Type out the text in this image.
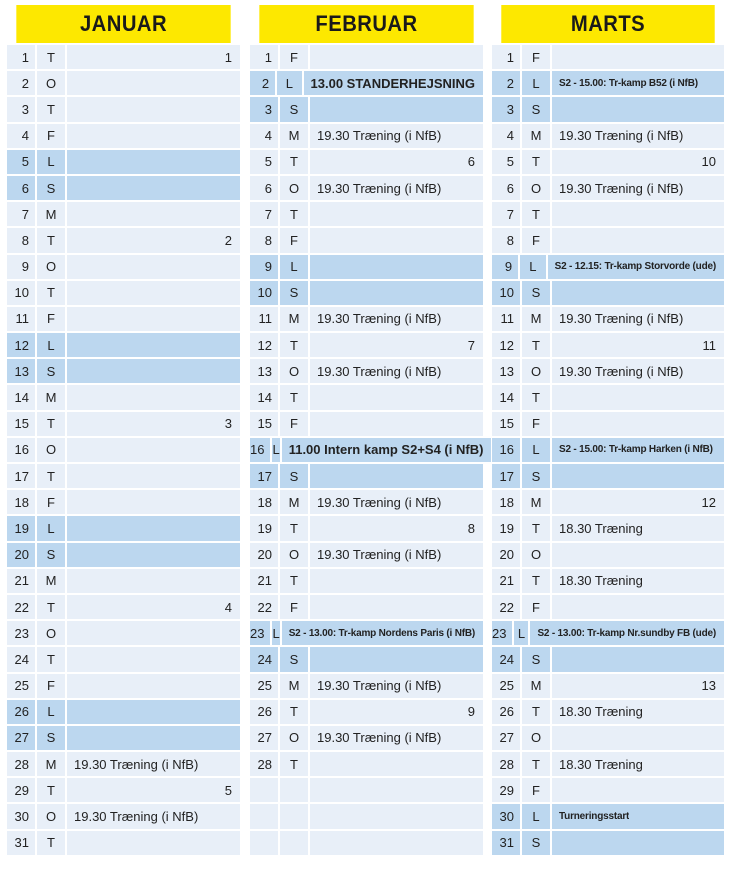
JANUAR
1	T	1
2	O
3	T
4	F
5	L
6	S
7	M
8	T	2
9	O
10	T
11	F
12	L
13	S
14	M
15	T	3
16	O
17	T
18	F
19	L
20	S
21	M
22	T	4
23	O
24	T
25	F
26	L
27	S
28	M	19.30 Træning (i NfB)
29	T	5
30	O	19.30 Træning (i NfB)
31	T
FEBRUAR
1	F
2	L	13.00 STANDERHEJSNING
3	S
4	M	19.30 Træning (i NfB)
5	T	6
6	O	19.30 Træning (i NfB)
7	T
8	F
9	L
10	S
11	M	19.30 Træning (i NfB)
12	T	7
13	O	19.30 Træning (i NfB)
14	T
15	F
16 L 11.00 Intern kamp S2+S4 (i NfB)
17	S
18	M	19.30 Træning (i NfB)
19	T	8
20	O	19.30 Træning (i NfB)
21	T
22	F
23 L S2 - 13.00: Tr-kamp Nordens Paris (i NfB)
24	S
25	M	19.30 Træning (i NfB)
26	T	9
27	O	19.30 Træning (i NfB)
28	T
MARTS
1	F
2	L	S2 - 15.00: Tr-kamp B52 (i NfB)
3	S
4	M	19.30 Træning (i NfB)
5	T	10
6	O	19.30 Træning (i NfB)
7	T
8	F
9	L	S2 - 12.15: Tr-kamp Storvorde (ude)
10	S
11	M	19.30 Træning (i NfB)
12	T	11
13	O	19.30 Træning (i NfB)
14	T
15	F
16	L	S2 - 15.00: Tr-kamp Harken (i NfB)
17	S
18	M	12
19	T	18.30 Træning
20	O
21	T	18.30 Træning
22	F
23 L	S2 - 13.00: Tr-kamp Nr.sundby FB (ude)
24	S
25	M	13
26	T	18.30 Træning
27	O
28	T	18.30 Træning
29	F
30	L	Turneringsstart
31	S
